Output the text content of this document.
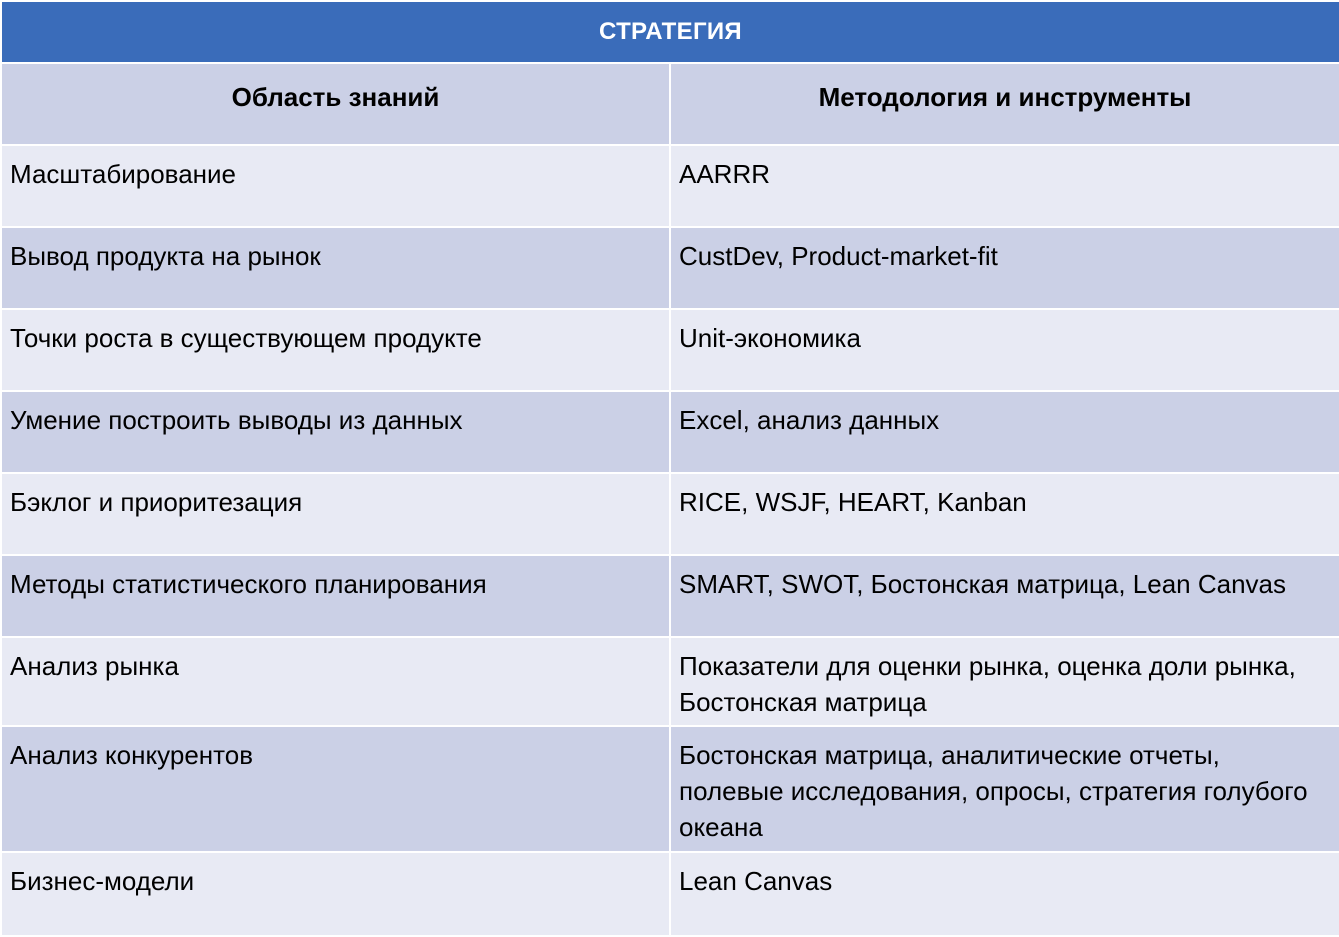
СТРАТЕГИЯ	

Область знаний	Методология и инструменты

Масштабирование	AARRR

Вывод продукта на рынок	CustDev, Product-market-fit

Точки роста в существующем продукте	Unit-экономика

Умение построить выводы из данных	Excel, анализ данных

Бэклог и приоритезация	RICE, WSJF, HEART, Kanban

Методы статистического планирования	SMART, SWOT, Бостонская матрица, Lean Canvas

Анализ рынка	Показатели для оценки рынка, оценка доли рынка, Бостонская матрица

Анализ конкурентов	Бостонская матрица, аналитические отчеты, полевые исследования, опросы, стратегия голубого океана

Бизнес-модели	Lean Canvas
